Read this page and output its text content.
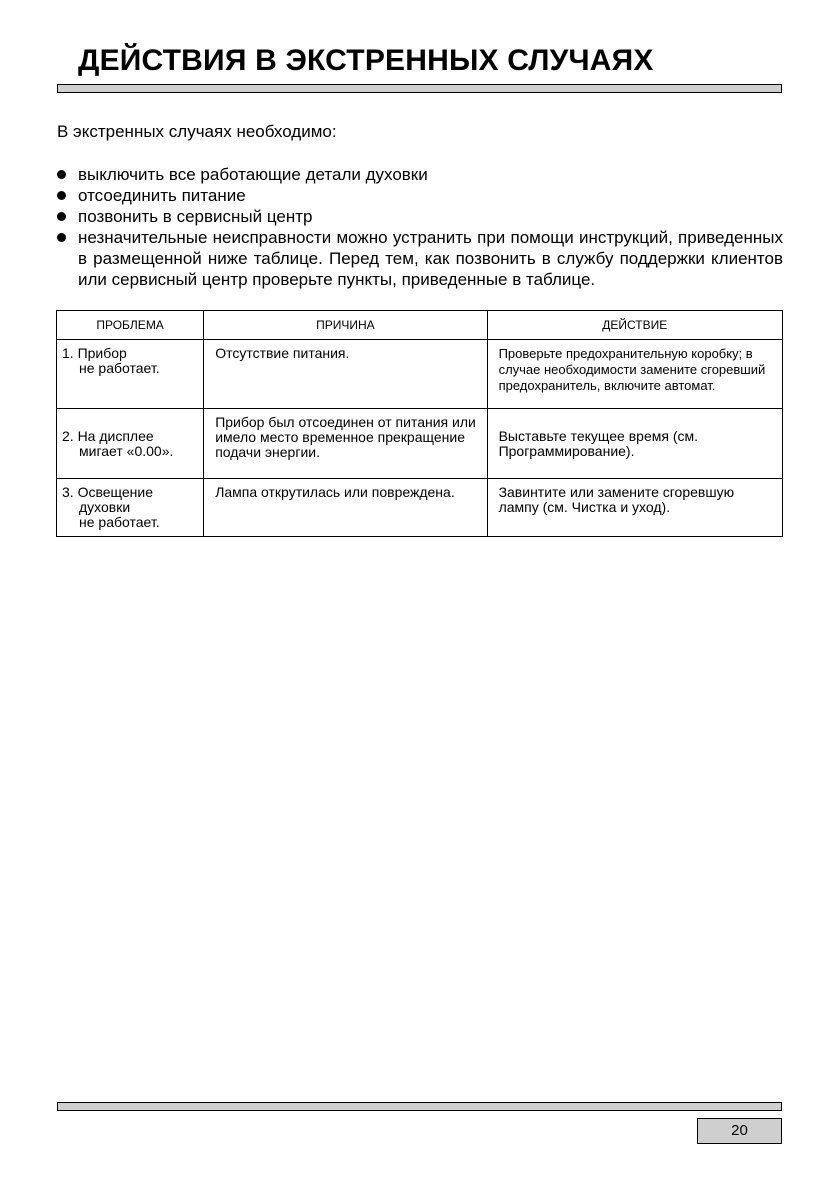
ДЕЙСТВИЯ В ЭКСТРЕННЫХ СЛУЧАЯХ
В экстренных случаях необходимо:
выключить все работающие детали духовки
отсоединить питание
позвонить в сервисный центр
незначительные неисправности можно устранить при помощи инструкций, приведенных в размещенной ниже таблице. Перед тем, как позвонить в службу поддержки клиентов или сервисный центр проверьте пункты, приведенные в таблице.
ПРОБЛЕМА	ПРИЧИНА	ДЕЙСТВИЕ

1. Прибор
не работает.	Отсутствие питания.	Проверьте предохранительную коробку; в случае необходимости замените сгоревший предохранитель, включите автомат.

2. На дисплее
мигает «0.00».	Прибор был отсоединен от питания или имело место временное прекращение подачи энергии.	Выставьте текущее время (см. Программирование).

3. Освещение
духовки
не работает.	Лампа открутилась или повреждена.	Завинтите или замените сгоревшую лампу (см. Чистка и уход).
20
